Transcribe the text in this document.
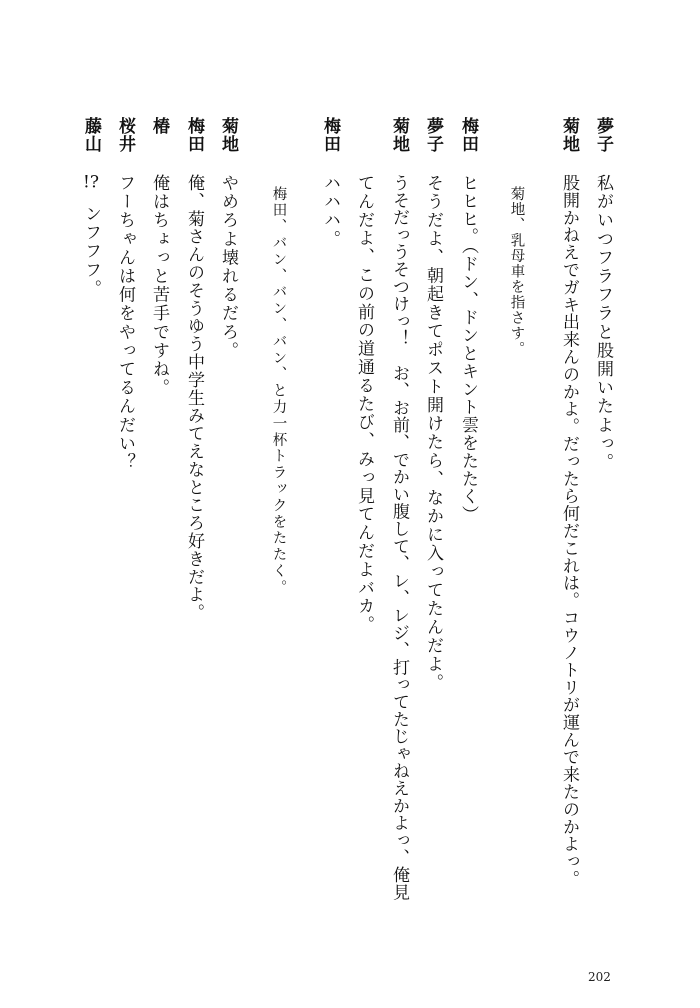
夢子
私がいつフラフラと股開いたよっ。
菊地
股開かねえでガキ出来んのかよ。だったら何だこれは。コウノトリが運んで来たのかよっ。
菊地、乳母車を指さす。
梅田
ヒヒヒ。（ドン、ドンとキント雲をたたく）
夢子
そうだよ、朝起きてポスト開けたら、なかに入ってたんだよ。
菊地
うそだっうそつけっ！　お、お前、でかい腹して、レ、レジ、打ってたじゃねえかよっ、俺見
てんだよ、この前の道通るたび、みっ見てんだよバカ。
梅田
ハハハ。
梅田、バン、バン、バン、と力一杯トラックをたたく。
菊地
やめろよ壊れるだろ。
梅田
俺、菊さんのそうゆう中学生みてえなところ好きだよ。
椿
俺はちょっと苦手ですね。
桜井
フーちゃんは何をやってるんだい？
藤山
!?ンフフフ。
202
